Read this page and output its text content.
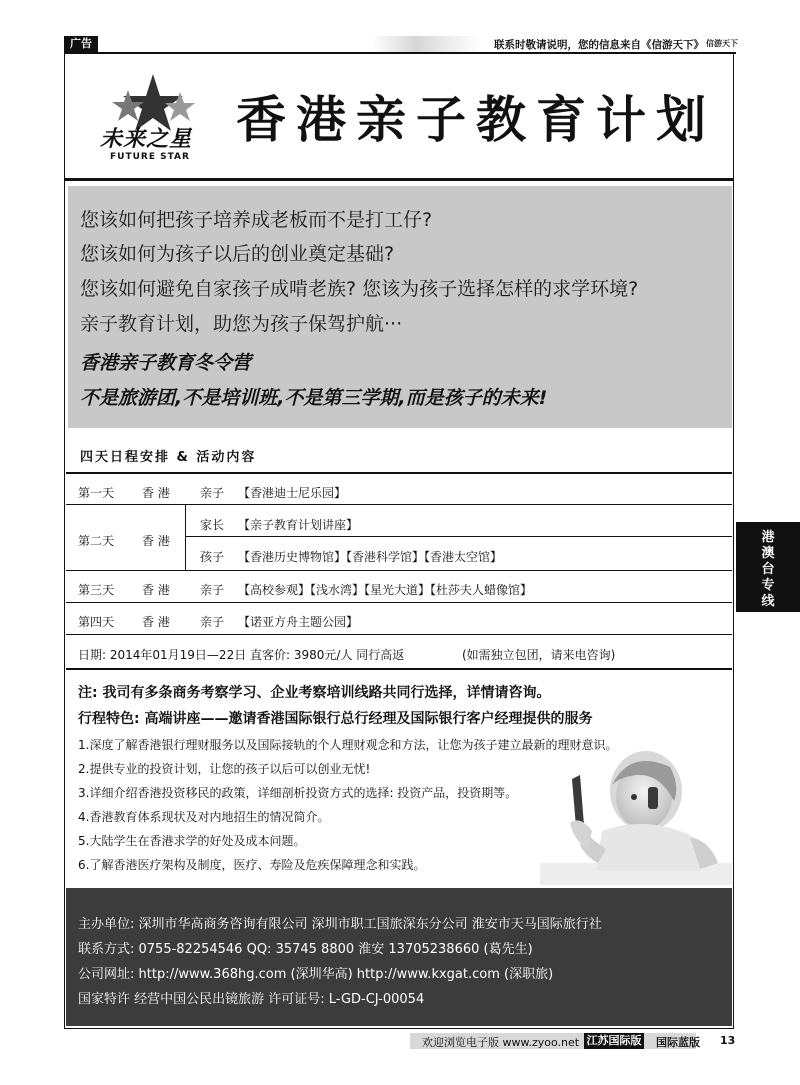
广告	联系时敬请说明，您的信息来自《信游天下》 信游天下
未来之星
FUTURE STAR
香港亲子教育计划
您该如何把孩子培养成老板而不是打工仔?
您该如何为孩子以后的创业奠定基础?
您该如何避免自家孩子成啃老族? 您该为孩子选择怎样的求学环境?
亲子教育计划，助您为孩子保驾护航···
香港亲子教育冬令营
不是旅游团,不是培训班,不是第三学期,而是孩子的未来!
四天日程安排 & 活动内容
第一天 香 港	亲子 【香港迪士尼乐园】
第二天 香 港
家长 【亲子教育计划讲座】
孩子 【香港历史博物馆】【香港科学馆】【香港太空馆】
第三天 香 港	亲子 【高校参观】【浅水湾】【星光大道】【杜莎夫人蜡像馆】
第四天 香 港	亲子 【诺亚方舟主题公园】
日期: 2014年01月19日—22日 直客价: 3980元/人 同行高返	(如需独立包团，请来电咨询)
注: 我司有多条商务考察学习、企业考察培训线路共同行选择，详情请咨询。
行程特色: 高端讲座——邀请香港国际银行总行经理及国际银行客户经理提供的服务
1.深度了解香港银行理财服务以及国际接轨的个人理财观念和方法，让您为孩子建立最新的理财意识。
2.提供专业的投资计划，让您的孩子以后可以创业无忧!
3.详细介绍香港投资移民的政策，详细剖析投资方式的选择: 投资产品，投资期等。
4.香港教育体系现状及对内地招生的情况简介。
5.大陆学生在香港求学的好处及成本问题。
6.了解香港医疗架构及制度，医疗、寿险及危疾保障理念和实践。
主办单位: 深圳市华高商务咨询有限公司 深圳市职工国旅深东分公司 淮安市天马国际旅行社
联系方式: 0755-82254546 QQ: 35745 8800 淮安 13705238660 (葛先生)
公司网址: http://www.368hg.com (深圳华高) http://www.kxgat.com (深职旅)
国家特许 经营中国公民出镜旅游 许可证号: L-GD-CJ-00054
港
澳
台
专
线
欢迎浏览电子版 www.zyoo.net 江苏国际版 国际蓝版 13
